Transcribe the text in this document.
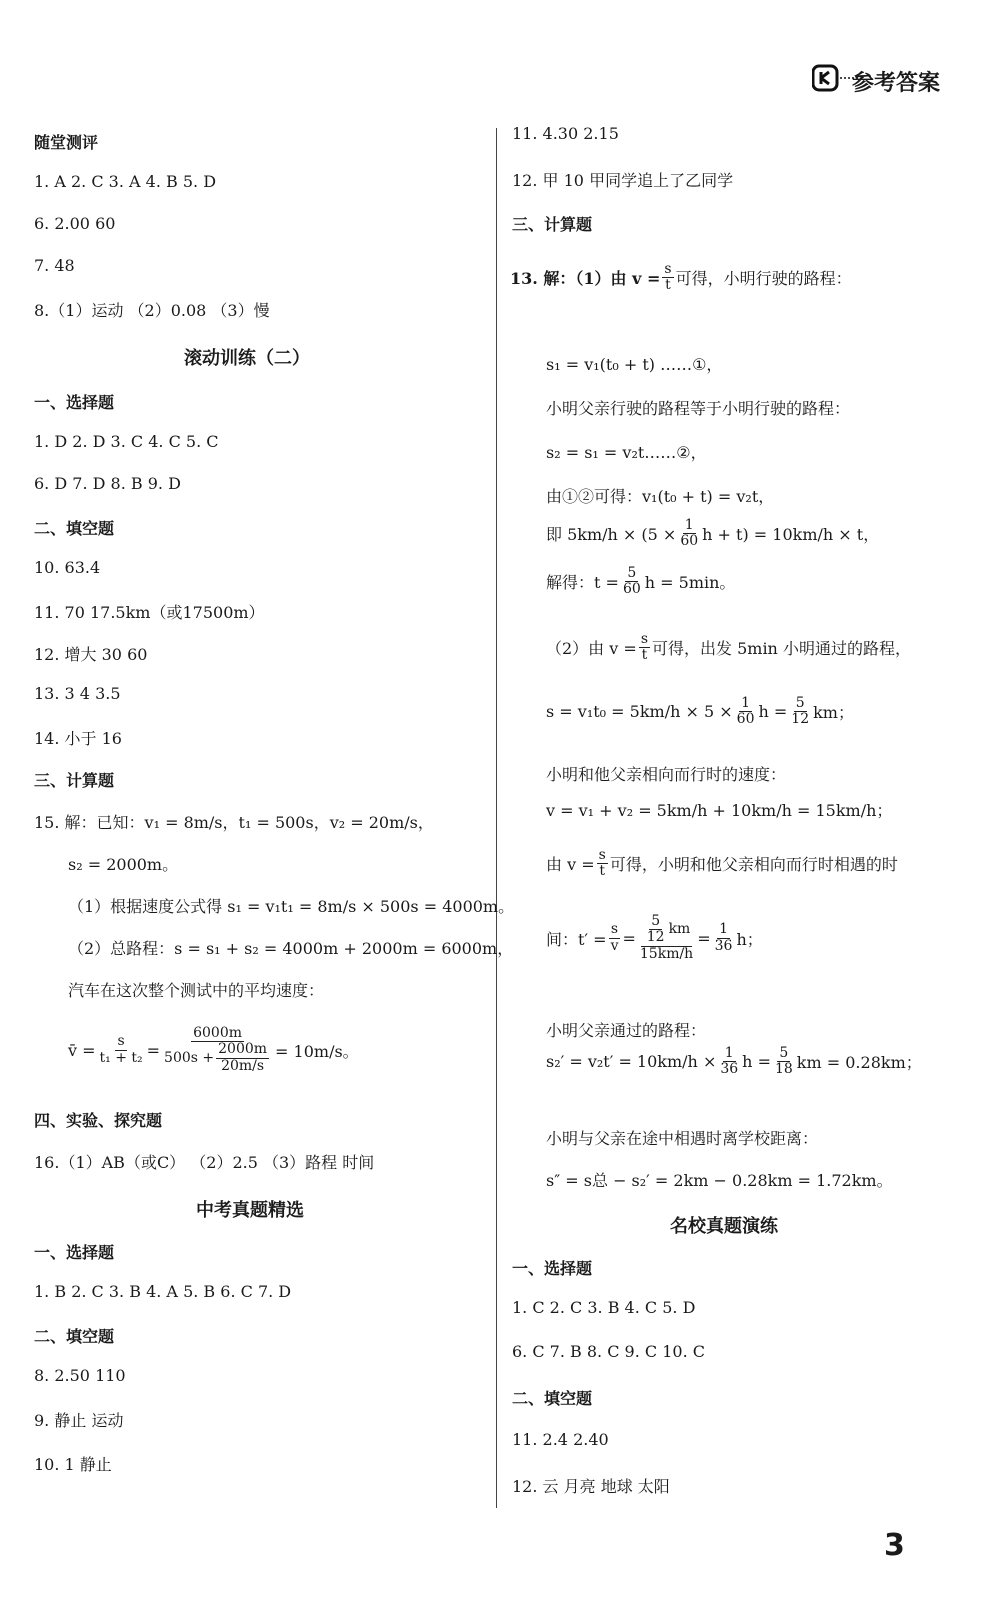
参考答案
随堂测评
1. A 2. C 3. A 4. B 5. D
6. 2.00 60
7. 48
8.（1）运动 （2）0.08 （3）慢
滚动训练（二）
一、选择题
1. D 2. D 3. C 4. C 5. C
6. D 7. D 8. B 9. D
二、填空题
10. 63.4
11. 70 17.5km（或17500m）
12. 增大 30 60
13. 3 4 3.5
14. 小于 16
三、计算题
15. 解：已知：v₁ = 8m/s，t₁ = 500s，v₂ = 20m/s，
s₂ = 2000m。
（1）根据速度公式得 s₁ = v₁t₁ = 8m/s × 500s = 4000m。
（2）总路程：s = s₁ + s₂ = 4000m + 2000m = 6000m，
汽车在这次整个测试中的平均速度：
四、实验、探究题
16.（1）AB（或C） （2）2.5 （3）路程 时间
中考真题精选
一、选择题
1. B 2. C 3. B 4. A 5. B 6. C 7. D
二、填空题
8. 2.50 110
9. 静止 运动
10. 1 静止
v̄ = $\frac{s}{\text{t₁ + t₂}} = \frac{6000m}{500s + \frac{2000m}{20m/s}} = 10m/s$。
11. 4.30 2.15
12. 甲 10 甲同学追上了乙同学
三、计算题
s₁ = v₁(t₀ + t) ……①，
小明父亲行驶的路程等于小明行驶的路程：
s₂ = s₁ = v₂t……②，
由①②可得：v₁(t₀ + t) = v₂t，
v = v₁ + v₂ = 5km/h + 10km/h = 15km/h；
小明和他父亲相向而行时的速度：
小明父亲通过的路程：
小明与父亲在途中相遇时离学校距离：
s″ = s总 − s₂′ = 2km − 0.28km = 1.72km。
名校真题演练
一、选择题
1. C 2. C 3. B 4. C 5. D
6. C 7. B 8. C 9. C 10. C
二、填空题
11. 2.4 2.40
12. 云 月亮 地球 太阳
13. 解：（1）由 $v = \frac{s}{t}$ 可得，小明行驶的路程：
即 $5km/h \times (5 \times \frac{1}{60}$ h + t) = 10km/h × t，
解得：$t = \frac{5}{60}$ h = 5min。
（2）由 $v = \frac{s}{t}$ 可得，出发 5min 小明通过的路程，
$s = v_1t_0 = 5km/h \times 5 \times \frac{1}{60}$ $h = \frac{5}{12}$ km；
由 $v = \frac{s}{t}$ 可得，小明和他父亲相向而行时相遇的时
间：$t' = \frac{s}{v} = \frac{\frac{5}{12} km}{15km/h} = \frac{1}{36}$ h；
$s_2' = v_2t' = 10km/h \times \frac{1}{36}$ $h = \frac{5}{18}$ km = 0.28km；
3
